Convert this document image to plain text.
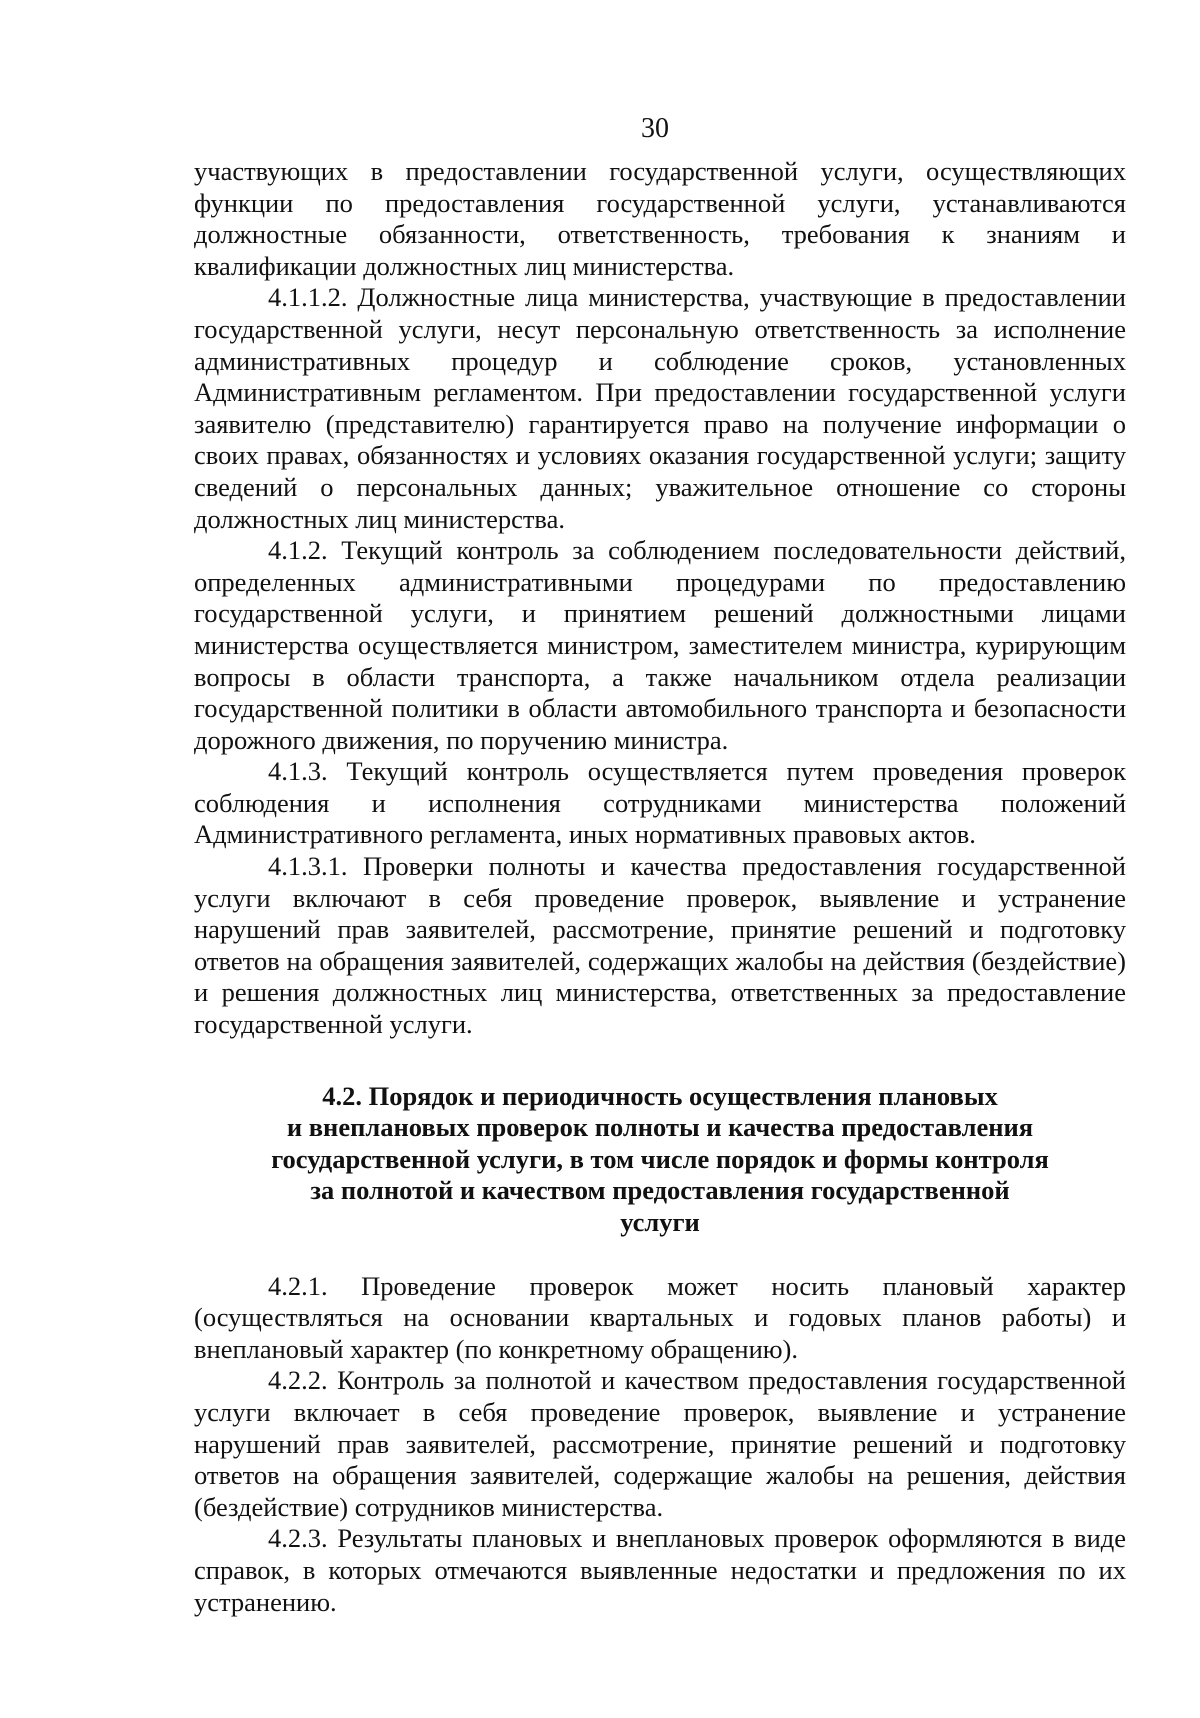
30

участвующих в предоставлении государственной услуги, осуществляющих функции по предоставления государственной услуги, устанавливаются должностные обязанности, ответственность, требования к знаниям и квалификации должностных лиц министерства.

4.1.1.2. Должностные лица министерства, участвующие в предоставлении государственной услуги, несут персональную ответственность за исполнение административных процедур и соблюдение сроков, установленных Административным регламентом. При предоставлении государственной услуги заявителю (представителю) гарантируется право на получение информации о своих правах, обязанностях и условиях оказания государственной услуги; защиту сведений о персональных данных; уважительное отношение со стороны должностных лиц министерства.

4.1.2. Текущий контроль за соблюдением последовательности действий, определенных административными процедурами по предоставлению государственной услуги, и принятием решений должностными лицами министерства осуществляется министром, заместителем министра, курирующим вопросы в области транспорта, а также начальником отдела реализации государственной политики в области автомобильного транспорта и безопасности дорожного движения, по поручению министра.

4.1.3. Текущий контроль осуществляется путем проведения проверок соблюдения и исполнения сотрудниками министерства положений Административного регламента, иных нормативных правовых актов.

4.1.3.1. Проверки полноты и качества предоставления государственной услуги включают в себя проведение проверок, выявление и устранение нарушений прав заявителей, рассмотрение, принятие решений и подготовку ответов на обращения заявителей, содержащих жалобы на действия (бездействие) и решения должностных лиц министерства, ответственных за предоставление государственной услуги.

4.2. Порядок и периодичность осуществления плановых
и внеплановых проверок полноты и качества предоставления
государственной услуги, в том числе порядок и формы контроля
за полнотой и качеством предоставления государственной
услуги

4.2.1. Проведение проверок может носить плановый характер (осуществляться на основании квартальных и годовых планов работы) и внеплановый характер (по конкретному обращению).

4.2.2. Контроль за полнотой и качеством предоставления государственной услуги включает в себя проведение проверок, выявление и устранение нарушений прав заявителей, рассмотрение, принятие решений и подготовку ответов на обращения заявителей, содержащие жалобы на решения, действия (бездействие) сотрудников министерства.

4.2.3. Результаты плановых и внеплановых проверок оформляются в виде справок, в которых отмечаются выявленные недостатки и предложения по их устранению.
